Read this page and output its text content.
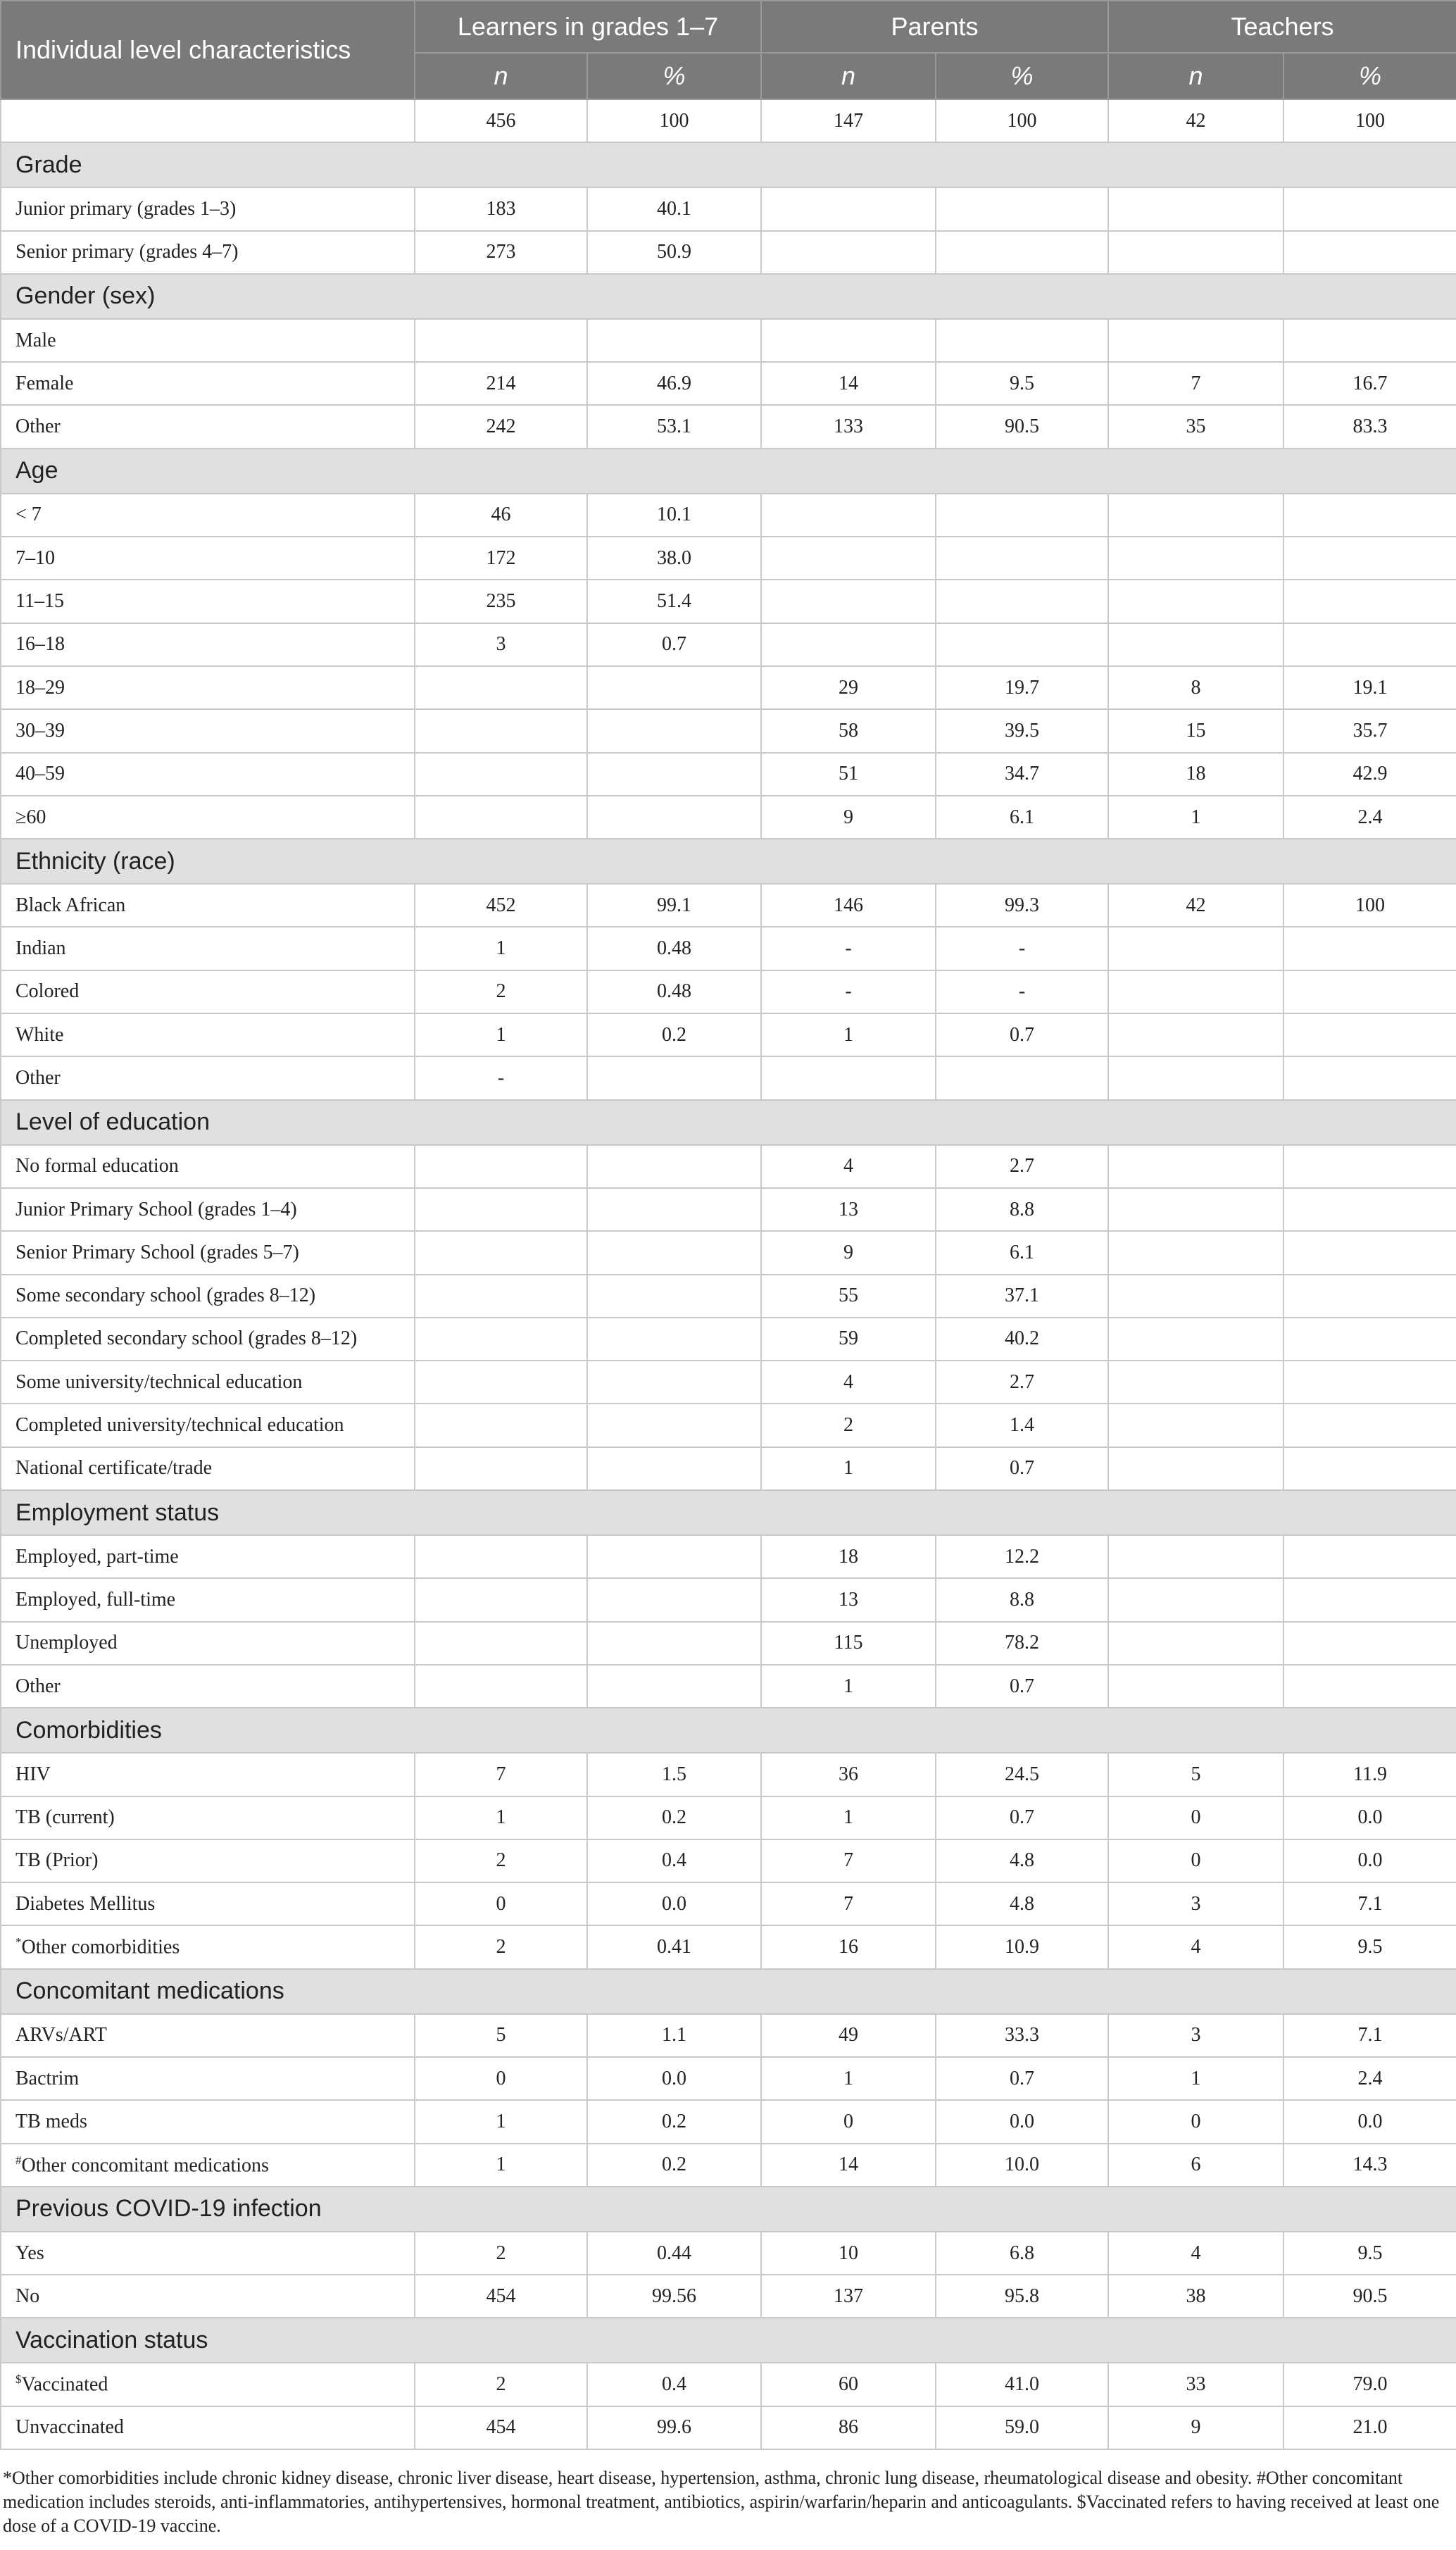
Individual level characteristics	Learners in grades 1–7		Parents		Teachers	
	n	%	n	%	n	%
	456	100	147	100	42	100
Grade						
Junior primary (grades 1–3)	183	40.1				
Senior primary (grades 4–7)	273	50.9				
Gender (sex)						
Male						
Female	214	46.9	14	9.5	7	16.7
Other	242	53.1	133	90.5	35	83.3
Age						
< 7	46	10.1				
7–10	172	38.0				
11–15	235	51.4				
16–18	3	0.7				
18–29			29	19.7	8	19.1
30–39			58	39.5	15	35.7
40–59			51	34.7	18	42.9
≥60			9	6.1	1	2.4
Ethnicity (race)						
Black African	452	99.1	146	99.3	42	100
Indian	1	0.48	-	-		
Colored	2	0.48	-	-		
White	1	0.2	1	0.7		
Other	-					
Level of education						
No formal education			4	2.7		
Junior Primary School (grades 1–4)			13	8.8		
Senior Primary School (grades 5–7)			9	6.1		
Some secondary school (grades 8–12)			55	37.1		
Completed secondary school (grades 8–12)			59	40.2		
Some university/technical education			4	2.7		
Completed university/technical education			2	1.4		
National certificate/trade			1	0.7		
Employment status						
Employed, part-time			18	12.2		
Employed, full-time			13	8.8		
Unemployed			115	78.2		
Other			1	0.7		
Comorbidities						
HIV	7	1.5	36	24.5	5	11.9
TB (current)	1	0.2	1	0.7	0	0.0
TB (Prior)	2	0.4	7	4.8	0	0.0
Diabetes Mellitus	0	0.0	7	4.8	3	7.1
*Other comorbidities	2	0.41	16	10.9	4	9.5
Concomitant medications						
ARVs/ART	5	1.1	49	33.3	3	7.1
Bactrim	0	0.0	1	0.7	1	2.4
TB meds	1	0.2	0	0.0	0	0.0
#Other concomitant medications	1	0.2	14	10.0	6	14.3
Previous COVID-19 infection						
Yes	2	0.44	10	6.8	4	9.5
No	454	99.56	137	95.8	38	90.5
Vaccination status						
$Vaccinated	2	0.4	60	41.0	33	79.0
Unvaccinated	454	99.6	86	59.0	9	21.0

*Other comorbidities include chronic kidney disease, chronic liver disease, heart disease, hypertension, asthma, chronic lung disease, rheumatological disease and obesity. #Other concomitant medication includes steroids, anti-inflammatories, antihypertensives, hormonal treatment, antibiotics, aspirin/warfarin/heparin and anticoagulants. $Vaccinated refers to having received at least one dose of a COVID-19 vaccine.
